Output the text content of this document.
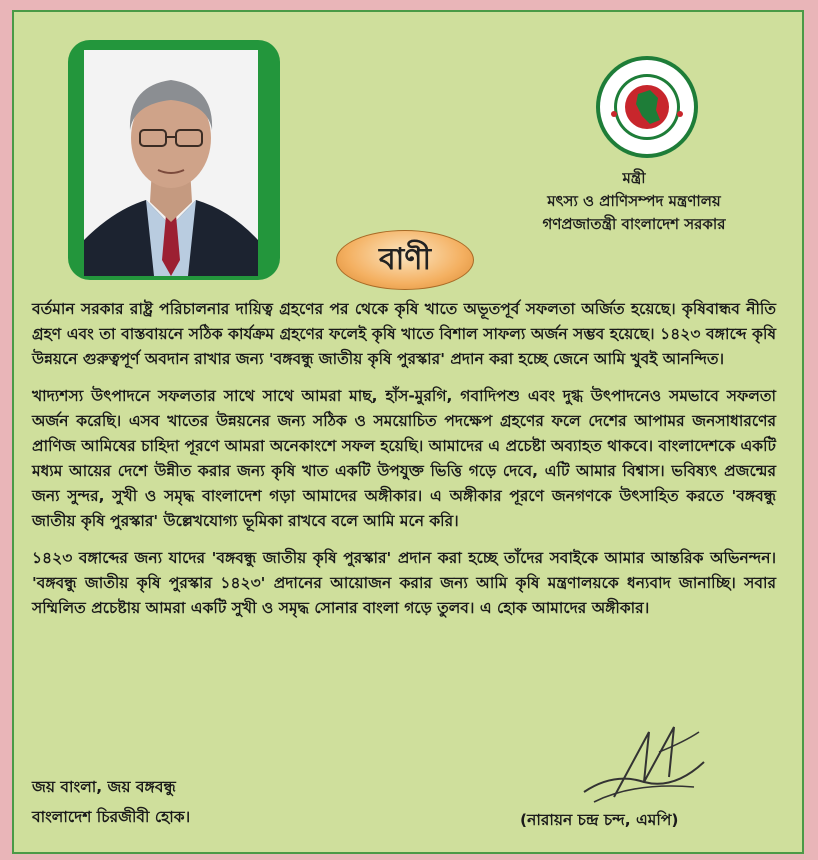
মন্ত্রী
মৎস্য ও প্রাণিসম্পদ মন্ত্রণালয়
গণপ্রজাতন্ত্রী বাংলাদেশ সরকার
বাণী

বর্তমান সরকার রাষ্ট্র পরিচালনার দায়িত্ব গ্রহণের পর থেকে কৃষি খাতে অভূতপূর্ব সফলতা অর্জিত হয়েছে। কৃষিবান্ধব নীতি গ্রহণ এবং তা বাস্তবায়নে সঠিক কার্যক্রম গ্রহণের ফলেই কৃষি খাতে বিশাল সাফল্য অর্জন সম্ভব হয়েছে। ১৪২৩ বঙ্গাব্দে কৃষি উন্নয়নে গুরুত্বপূর্ণ অবদান রাখার জন্য 'বঙ্গবন্ধু জাতীয় কৃষি পুরস্কার' প্রদান করা হচ্ছে জেনে আমি খুবই আনন্দিত।

খাদ্যশস্য উৎপাদনে সফলতার সাথে সাথে আমরা মাছ, হাঁস-মুরগি, গবাদিপশু এবং দুগ্ধ উৎপাদনেও সমভাবে সফলতা অর্জন করেছি। এসব খাতের উন্নয়নের জন্য সঠিক ও সময়োচিত পদক্ষেপ গ্রহণের ফলে দেশের আপামর জনসাধারণের প্রাণিজ আমিষের চাহিদা পূরণে আমরা অনেকাংশে সফল হয়েছি। আমাদের এ প্রচেষ্টা অব্যাহত থাকবে। বাংলাদেশকে একটি মধ্যম আয়ের দেশে উন্নীত করার জন্য কৃষি খাত একটি উপযুক্ত ভিত্তি গড়ে দেবে, এটি আমার বিশ্বাস। ভবিষ্যৎ প্রজন্মের জন্য সুন্দর, সুখী ও সমৃদ্ধ বাংলাদেশ গড়া আমাদের অঙ্গীকার। এ অঙ্গীকার পূরণে জনগণকে উৎসাহিত করতে 'বঙ্গবন্ধু জাতীয় কৃষি পুরস্কার' উল্লেখযোগ্য ভূমিকা রাখবে বলে আমি মনে করি।

১৪২৩ বঙ্গাব্দের জন্য যাদের 'বঙ্গবন্ধু জাতীয় কৃষি পুরস্কার' প্রদান করা হচ্ছে তাঁদের সবাইকে আমার আন্তরিক অভিনন্দন। 'বঙ্গবন্ধু জাতীয় কৃষি পুরস্কার ১৪২৩' প্রদানের আয়োজন করার জন্য আমি কৃষি মন্ত্রণালয়কে ধন্যবাদ জানাচ্ছি। সবার সম্মিলিত প্রচেষ্টায় আমরা একটি সুখী ও সমৃদ্ধ সোনার বাংলা গড়ে তুলব। এ হোক আমাদের অঙ্গীকার।

জয় বাংলা, জয় বঙ্গবন্ধু
বাংলাদেশ চিরজীবী হোক।	(নারায়ন চন্দ্র চন্দ, এমপি)
